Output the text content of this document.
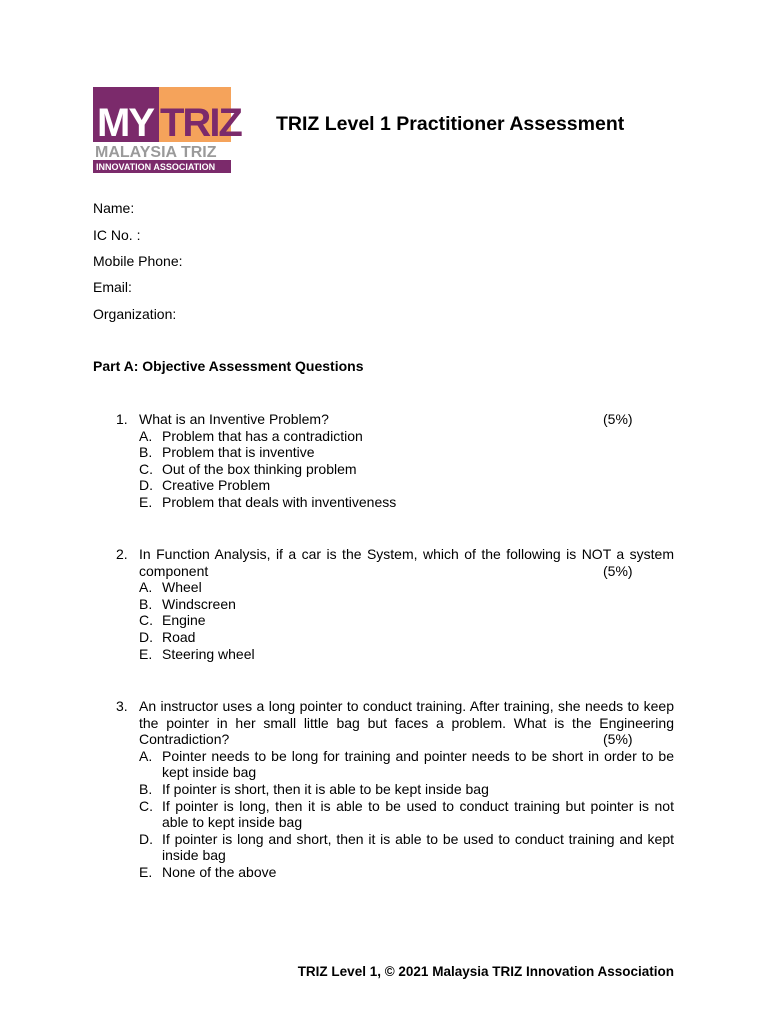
MY TRIZ
MALAYSIA TRIZ
INNOVATION ASSOCIATION
TRIZ Level 1 Practitioner Assessment
Name:
IC No. :
Mobile Phone:
Email:
Organization:
Part A: Objective Assessment Questions
1. What is an Inventive Problem?	(5%)
A. Problem that has a contradiction
B. Problem that is inventive
C. Out of the box thinking problem
D. Creative Problem
E. Problem that deals with inventiveness
2. In Function Analysis, if a car is the System, which of the following is NOT a system component	(5%)
A. Wheel
B. Windscreen
C. Engine
D. Road
E. Steering wheel
3. An instructor uses a long pointer to conduct training. After training, she needs to keep the pointer in her small little bag but faces a problem. What is the Engineering Contradiction?	(5%)
A. Pointer needs to be long for training and pointer needs to be short in order to be kept inside bag
B. If pointer is short, then it is able to be kept inside bag
C. If pointer is long, then it is able to be used to conduct training but pointer is not able to kept inside bag
D. If pointer is long and short, then it is able to be used to conduct training and kept inside bag
E. None of the above
TRIZ Level 1, © 2021 Malaysia TRIZ Innovation Association
